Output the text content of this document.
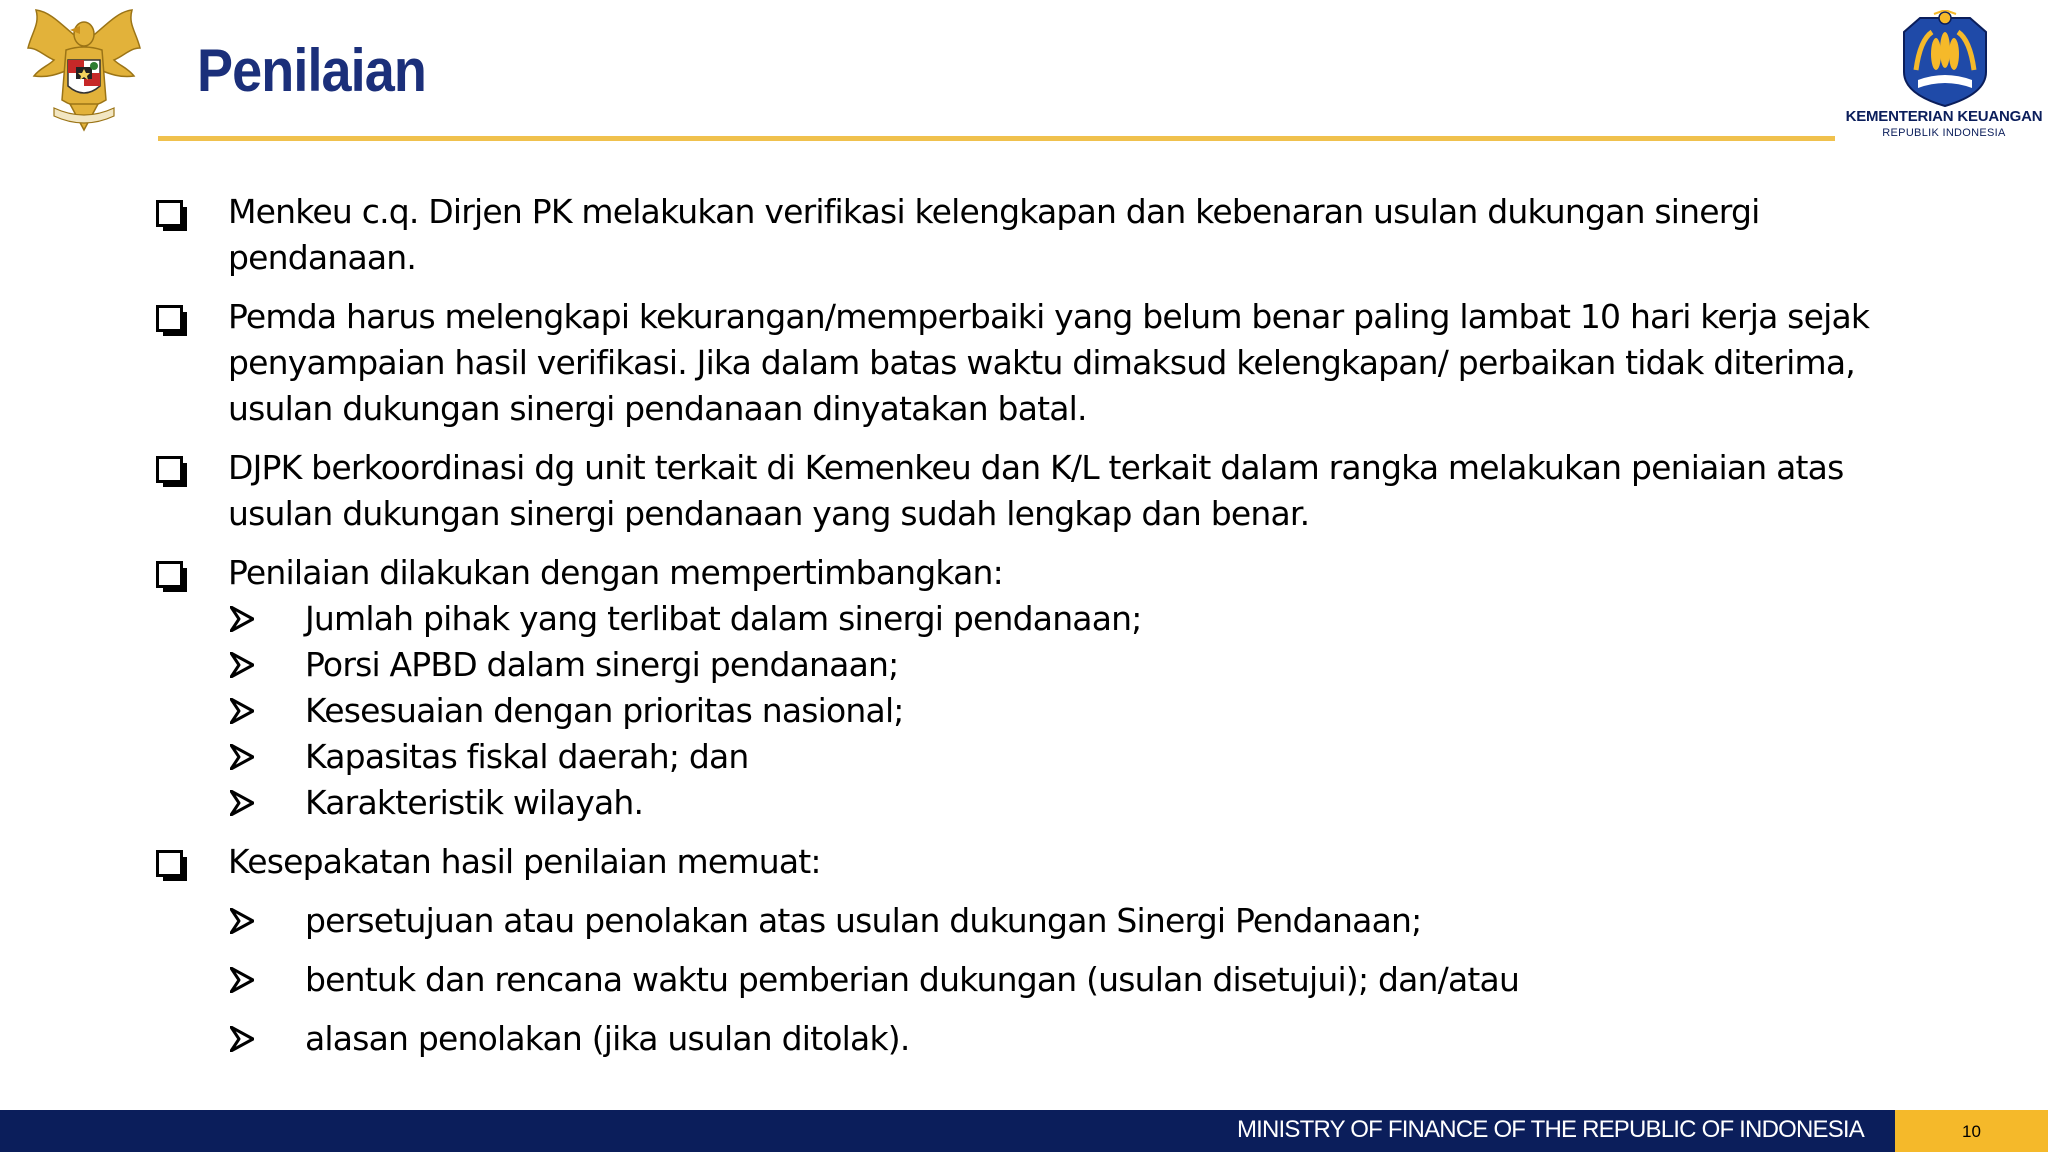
KEMENTERIAN KEUANGAN
REPUBLIK INDONESIA
Penilaian
Menkeu c.q. Dirjen PK melakukan verifikasi kelengkapan dan kebenaran usulan dukungan sinergi
pendanaan.
Pemda harus melengkapi kekurangan/memperbaiki yang belum benar paling lambat 10 hari kerja sejak
penyampaian hasil verifikasi. Jika dalam batas waktu dimaksud kelengkapan/ perbaikan tidak diterima,
usulan dukungan sinergi pendanaan dinyatakan batal.
DJPK berkoordinasi dg unit terkait di Kemenkeu dan K/L terkait dalam rangka melakukan peniaian atas
usulan dukungan sinergi pendanaan yang sudah lengkap dan benar.
Penilaian dilakukan dengan mempertimbangkan:
Jumlah pihak yang terlibat dalam sinergi pendanaan;
Porsi APBD dalam sinergi pendanaan;
Kesesuaian dengan prioritas nasional;
Kapasitas fiskal daerah; dan
Karakteristik wilayah.
Kesepakatan hasil penilaian memuat:
persetujuan atau penolakan atas usulan dukungan Sinergi Pendanaan;
bentuk dan rencana waktu pemberian dukungan (usulan disetujui); dan/atau
alasan penolakan (jika usulan ditolak).
MINISTRY OF FINANCE OF THE REPUBLIC OF INDONESIA	10
